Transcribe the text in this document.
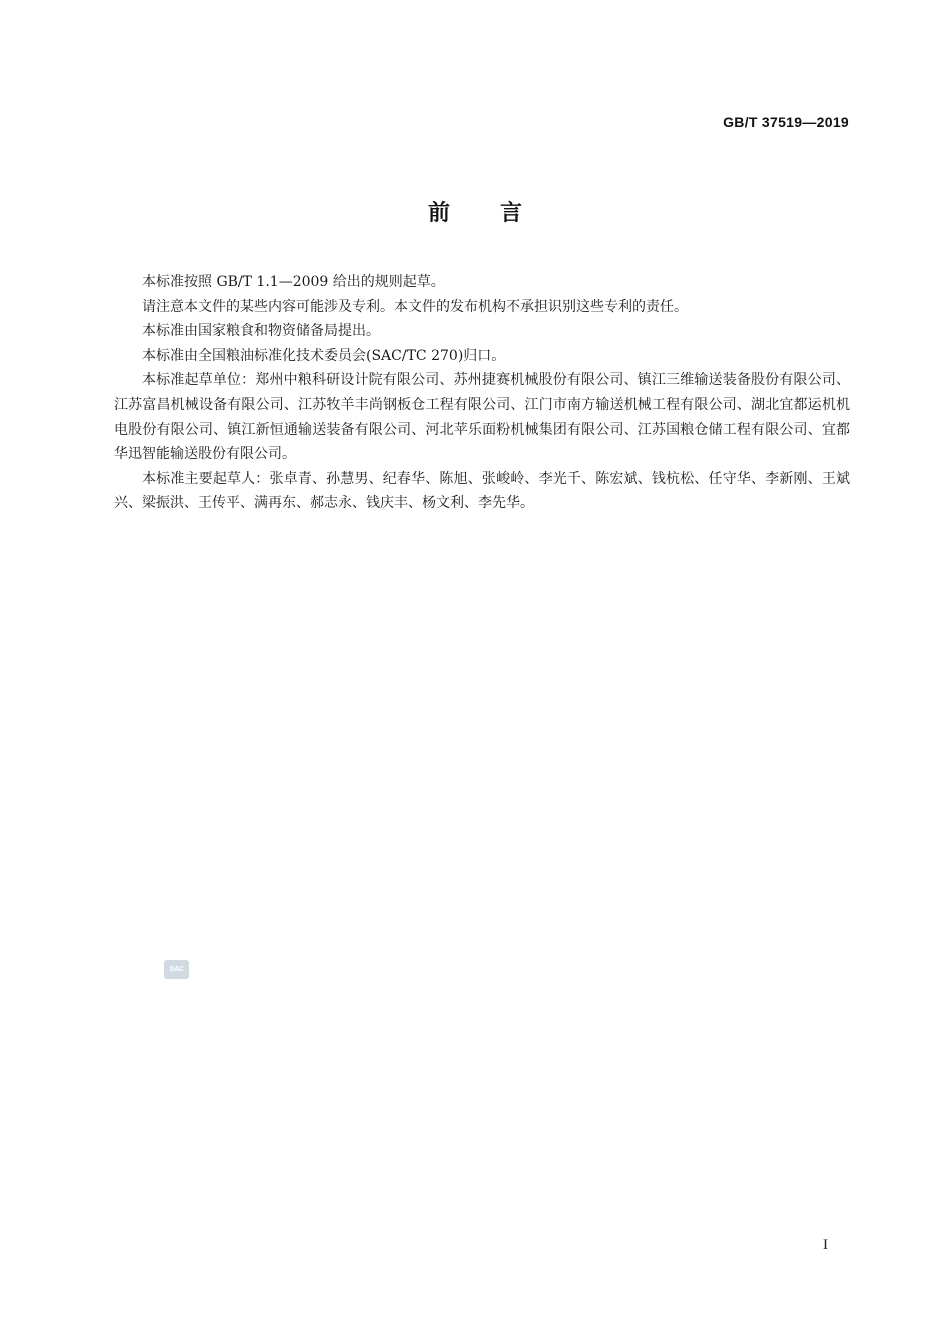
GB/T 37519—2019
前言

本标准按照 GB/T 1.1—2009 给出的规则起草。

请注意本文件的某些内容可能涉及专利。本文件的发布机构不承担识别这些专利的责任。

本标准由国家粮食和物资储备局提出。

本标准由全国粮油标准化技术委员会(SAC/TC 270)归口。

本标准起草单位：郑州中粮科研设计院有限公司、苏州捷赛机械股份有限公司、镇江三维输送装备股份有限公司、江苏富昌机械设备有限公司、江苏牧羊丰尚钢板仓工程有限公司、江门市南方输送机械工程有限公司、湖北宜都运机机电股份有限公司、镇江新恒通输送装备有限公司、河北苹乐面粉机械集团有限公司、江苏国粮仓储工程有限公司、宜都华迅智能输送股份有限公司。

本标准主要起草人：张卓青、孙慧男、纪春华、陈旭、张峻岭、李光千、陈宏斌、钱杭松、任守华、李新刚、王斌兴、梁振洪、王传平、满再东、郝志永、钱庆丰、杨文利、李先华。

SAC
I
